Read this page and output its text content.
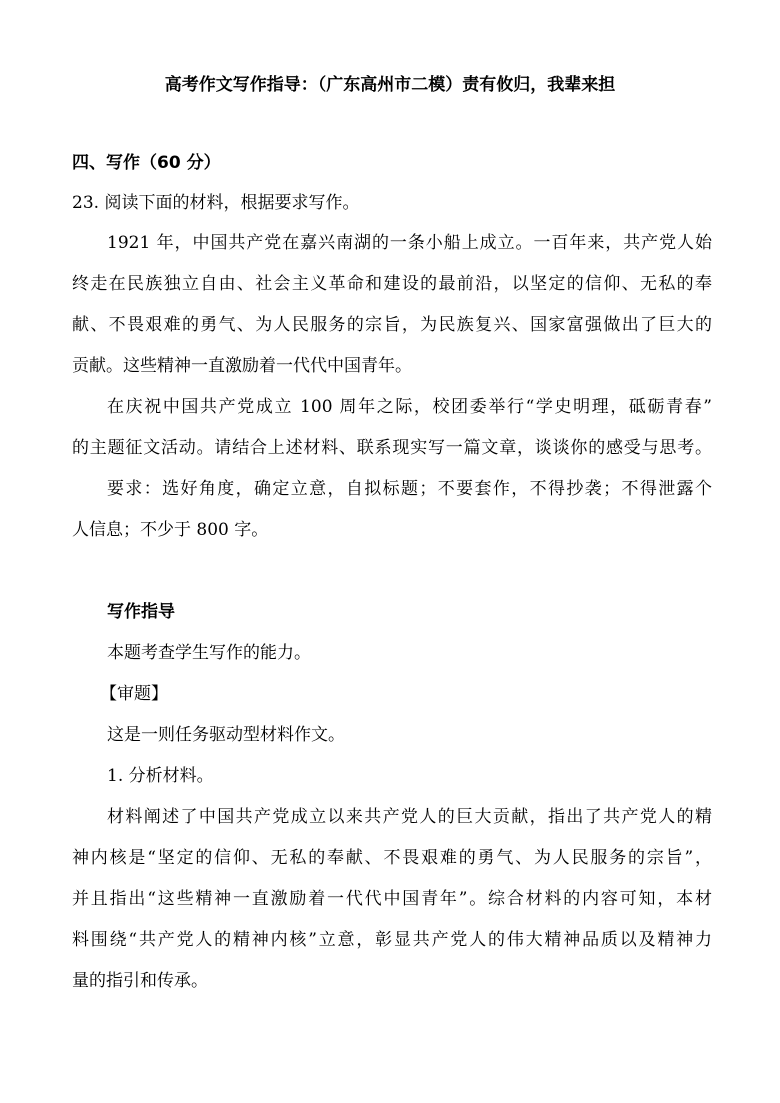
高考作文写作指导：（广东高州市二模）责有攸归，我辈来担
四、写作（60 分）
23. 阅读下面的材料，根据要求写作。
1921 年，中国共产党在嘉兴南湖的一条小船上成立。一百年来，共产党人始
终走在民族独立自由、社会主义革命和建设的最前沿，以坚定的信仰、无私的奉
献、不畏艰难的勇气、为人民服务的宗旨，为民族复兴、国家富强做出了巨大的
贡献。这些精神一直激励着一代代中国青年。
在庆祝中国共产党成立 100 周年之际，校团委举行“学史明理，砥砺青春”
的主题征文活动。请结合上述材料、联系现实写一篇文章，谈谈你的感受与思考。
要求：选好角度，确定立意，自拟标题；不要套作，不得抄袭；不得泄露个
人信息；不少于 800 字。
写作指导
本题考查学生写作的能力。
【审题】
这是一则任务驱动型材料作文。
1. 分析材料。
材料阐述了中国共产党成立以来共产党人的巨大贡献，指出了共产党人的精
神内核是“坚定的信仰、无私的奉献、不畏艰难的勇气、为人民服务的宗旨”，
并且指出“这些精神一直激励着一代代中国青年”。综合材料的内容可知，本材
料围绕“共产党人的精神内核”立意，彰显共产党人的伟大精神品质以及精神力
量的指引和传承。
